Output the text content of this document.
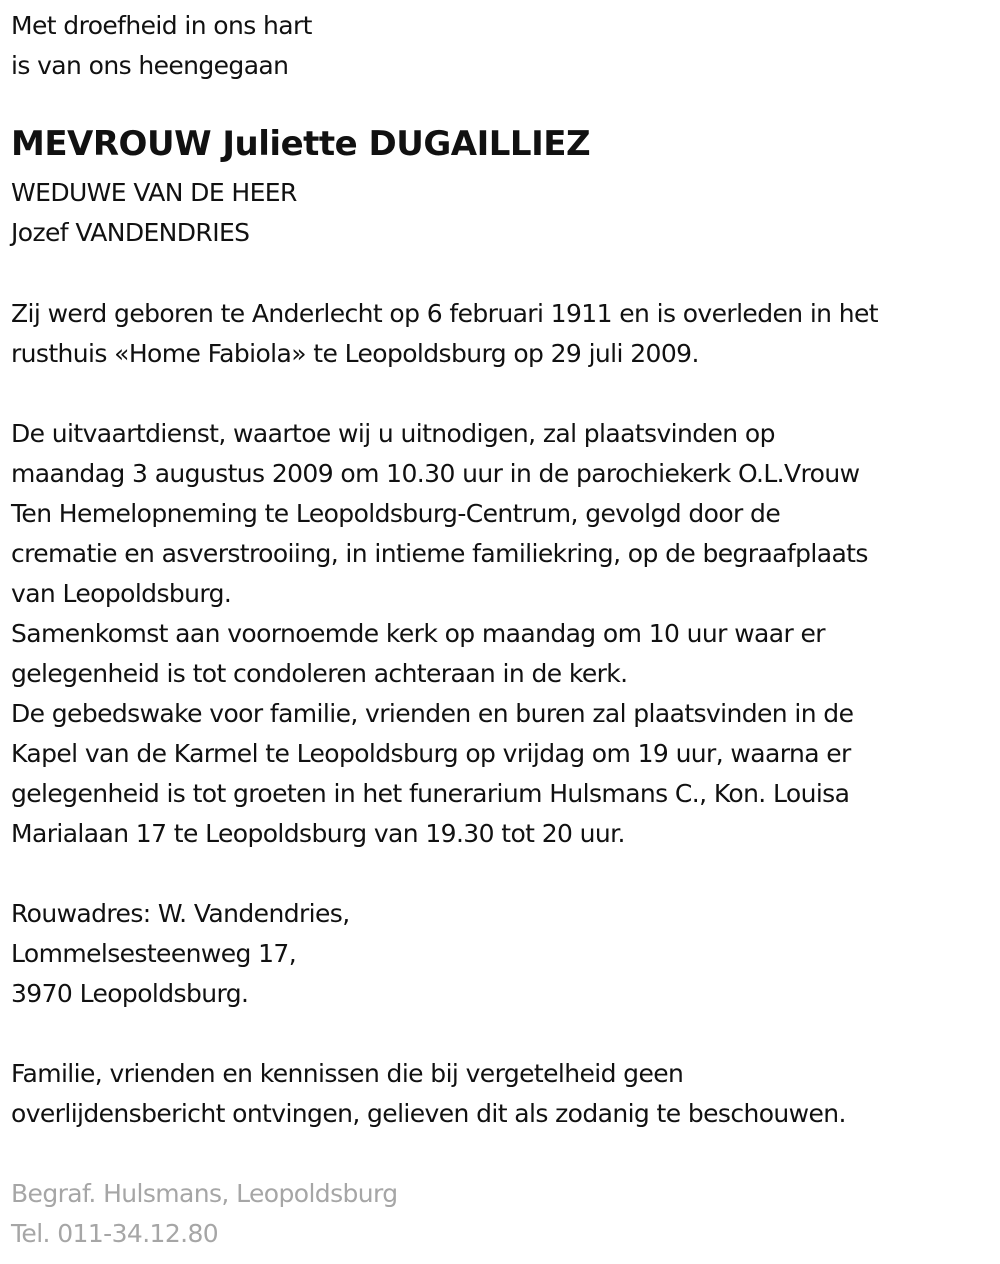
Met droefheid in ons hart
is van ons heengegaan
MEVROUW Juliette DUGAILLIEZ
WEDUWE VAN DE HEER
Jozef VANDENDRIES
Zij werd geboren te Anderlecht op 6 februari 1911 en is overleden in het
rusthuis «Home Fabiola» te Leopoldsburg op 29 juli 2009.
De uitvaartdienst, waartoe wij u uitnodigen, zal plaatsvinden op
maandag 3 augustus 2009 om 10.30 uur in de parochiekerk O.L.Vrouw
Ten Hemelopneming te Leopoldsburg-Centrum, gevolgd door de
crematie en asverstrooiing, in intieme familiekring, op de begraafplaats
van Leopoldsburg.
Samenkomst aan voornoemde kerk op maandag om 10 uur waar er
gelegenheid is tot condoleren achteraan in de kerk.
De gebedswake voor familie, vrienden en buren zal plaatsvinden in de
Kapel van de Karmel te Leopoldsburg op vrijdag om 19 uur, waarna er
gelegenheid is tot groeten in het funerarium Hulsmans C., Kon. Louisa
Marialaan 17 te Leopoldsburg van 19.30 tot 20 uur.
Rouwadres: W. Vandendries,
Lommelsesteenweg 17,
3970 Leopoldsburg.
Familie, vrienden en kennissen die bij vergetelheid geen
overlijdensbericht ontvingen, gelieven dit als zodanig te beschouwen.
Begraf. Hulsmans, Leopoldsburg
Tel. 011-34.12.80
